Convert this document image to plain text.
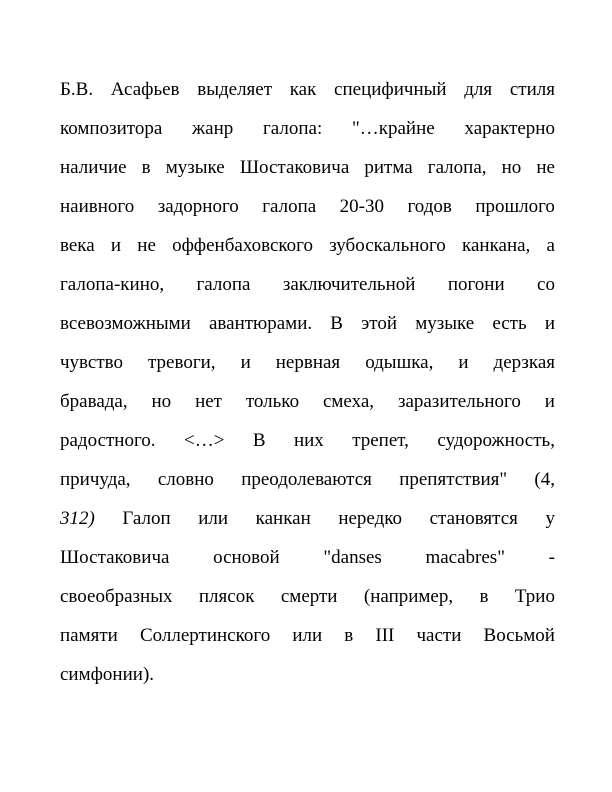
Б.В. Асафьев выделяет как специфичный для стиля
композитора жанр галопа: "…крайне характерно
наличие в музыке Шостаковича ритма галопа, но не
наивного задорного галопа 20-30 годов прошлого
века и не оффенбаховского зубоскального канкана, а
галопа-кино, галопа заключительной погони со
всевозможными авантюрами. В этой музыке есть и
чувство тревоги, и нервная одышка, и дерзкая
бравада, но нет только смеха, заразительного и
радостного. <…> В них трепет, судорожность,
причуда, словно преодолеваются препятствия" (4,
312) Галоп или канкан нередко становятся у
Шостаковича основой "danses macabres" -
своеобразных плясок смерти (например, в Трио
памяти Соллертинского или в III части Восьмой
симфонии).
